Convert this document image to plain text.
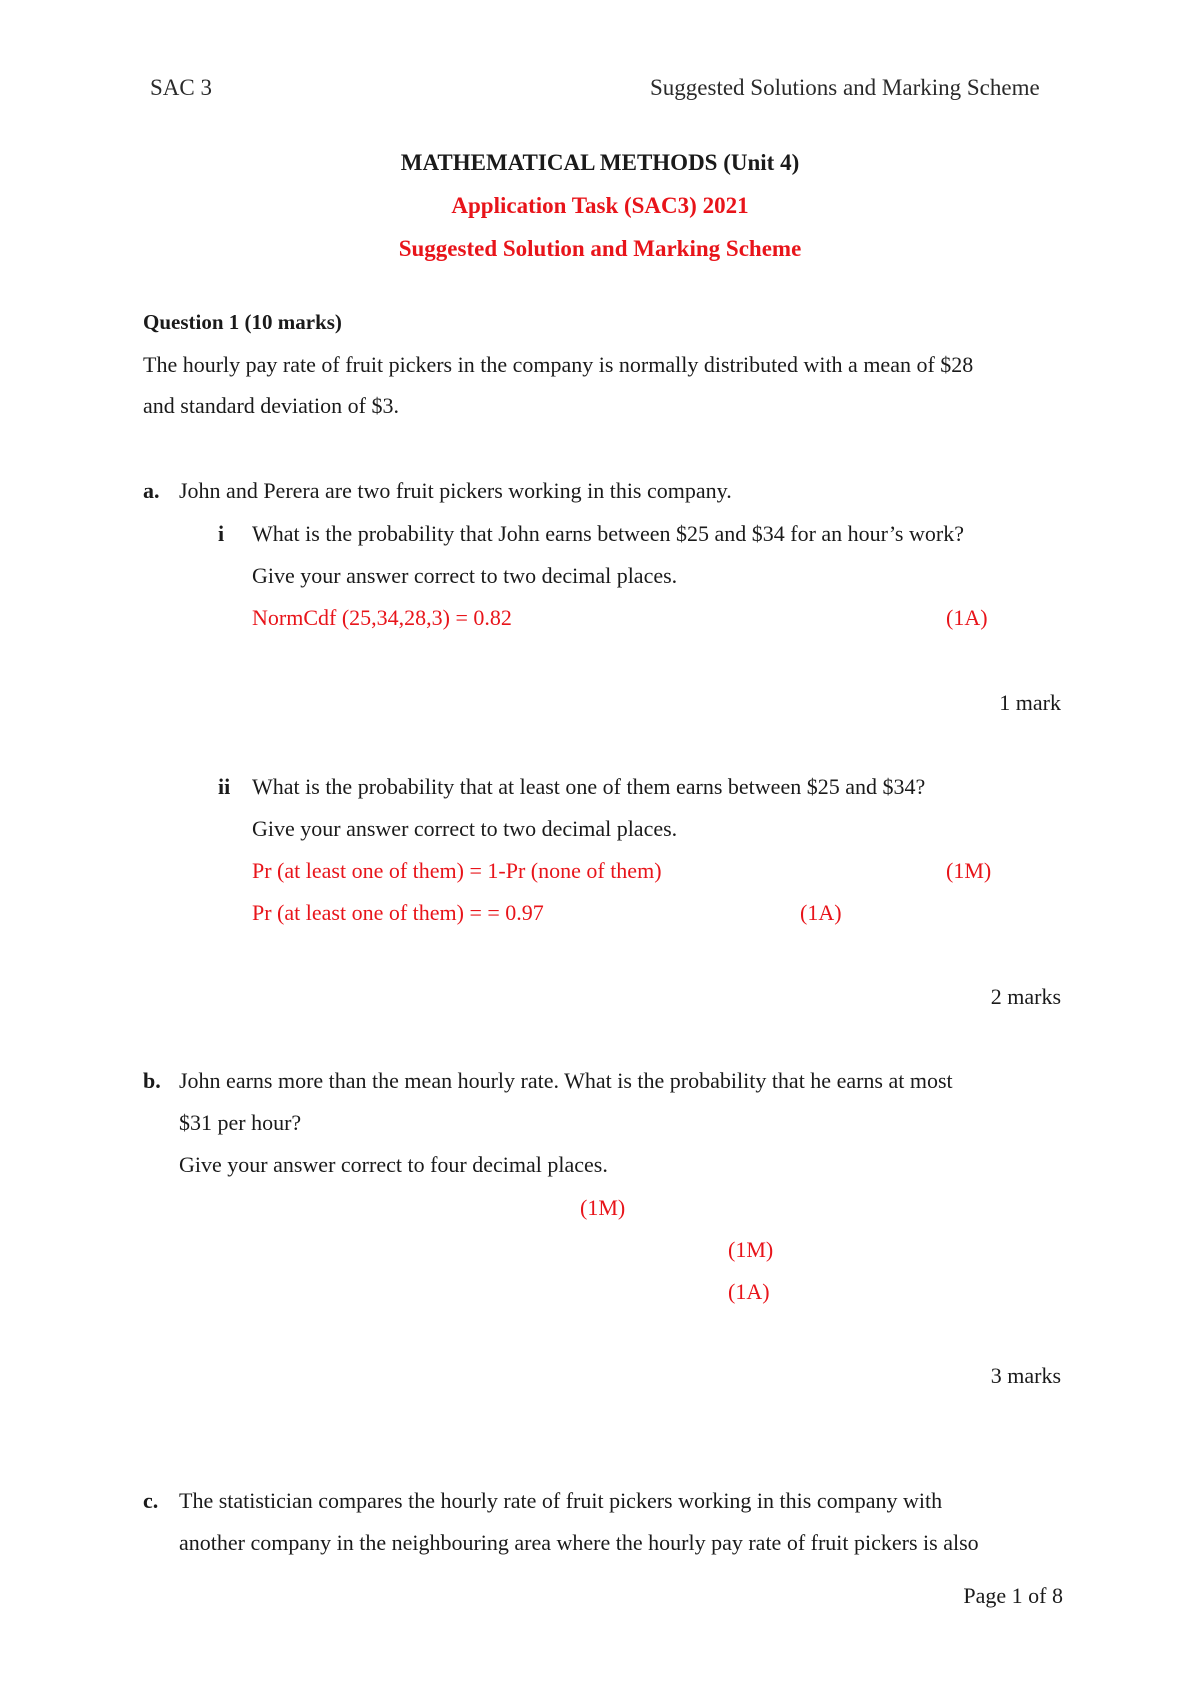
SAC 3	Suggested Solutions and Marking Scheme
MATHEMATICAL METHODS (Unit 4)
Application Task (SAC3) 2021
Suggested Solution and Marking Scheme
Question 1 (10 marks)
The hourly pay rate of fruit pickers in the company is normally distributed with a mean of $28
and standard deviation of $3.
a. John and Perera are two fruit pickers working in this company.
i What is the probability that John earns between $25 and $34 for an hour’s work?
Give your answer correct to two decimal places.
NormCdf (25,34,28,3) = 0.82	(1A)
1 mark
ii What is the probability that at least one of them earns between $25 and $34?
Give your answer correct to two decimal places.
Pr (at least one of them) = 1-Pr (none of them)	(1M)
Pr (at least one of them) = = 0.97	(1A)
2 marks
b. John earns more than the mean hourly rate. What is the probability that he earns at most
$31 per hour?
Give your answer correct to four decimal places.
(1M)
(1M)
(1A)
3 marks
c. The statistician compares the hourly rate of fruit pickers working in this company with
another company in the neighbouring area where the hourly pay rate of fruit pickers is also
Page 1 of 8
